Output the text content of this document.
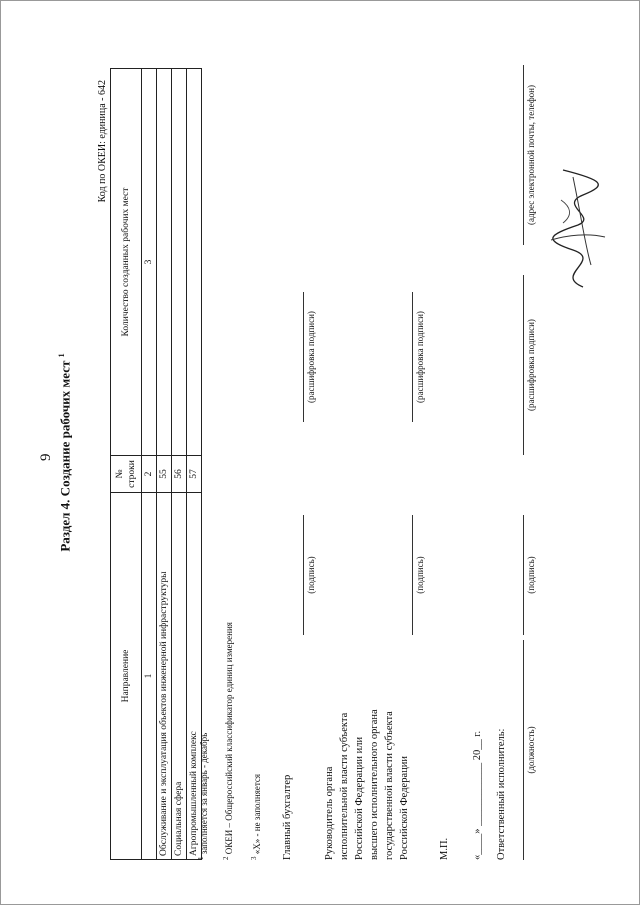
9 Раздел 4. Создание рабочих мест $^1$
Код по ОКЕИ: единица - 642
Направление	№ строки	Количество созданных рабочих мест
1	2	3
Обслуживание и эксплуатация объектов инженерной инфраструктуры	55	
Социальная сфера	56	
Агропромышленный комплекс	57	
$^1$ заполняется за январь - декабрь
$^2$ ОКЕИ – Общероссийский классификатор единиц измерения
$^3$ «Х» - не заполняется Главный бухгалтер
(подпись)
(расшифровка подписи)
Руководитель органа исполнительной власти субъекта Российской Федерации или высшего исполнительного органа государственной власти субъекта Российской Федерации
(подпись)
(расшифровка подписи)
М.П. «____» ____________ 20__ г. Ответственный исполнитель: (должность)
(подпись)
(расшифровка подписи)
(адрес электронной почты, телефон)
